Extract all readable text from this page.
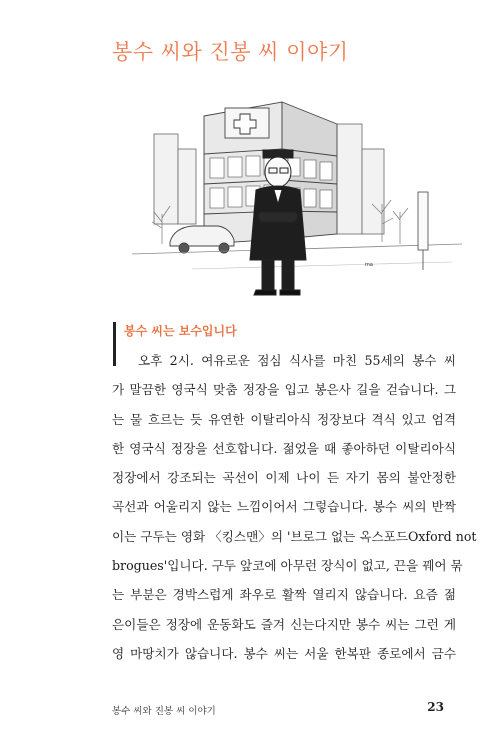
봉수 씨와 진봉 씨 이야기
ma
봉수 씨는 보수입니다
오후 2시. 여유로운 점심 식사를 마친 55세의 봉수 씨
가 말끔한 영국식 맞춤 정장을 입고 봉은사 길을 걷습니다. 그
는 물 흐르는 듯 유연한 이탈리아식 정장보다 격식 있고 엄격
한 영국식 정장을 선호합니다. 젊었을 때 좋아하던 이탈리아식
정장에서 강조되는 곡선이 이제 나이 든 자기 몸의 불안정한
곡선과 어울리지 않는 느낌이어서 그렇습니다. 봉수 씨의 반짝
이는 구두는 영화 〈킹스맨〉의 '브로그 없는 옥스포드Oxford not
brogues'입니다. 구두 앞코에 아무런 장식이 없고, 끈을 꿰어 묶
는 부분은 경박스럽게 좌우로 활짝 열리지 않습니다. 요즘 젊
은이들은 정장에 운동화도 즐겨 신는다지만 봉수 씨는 그런 게
영 마땅치가 않습니다. 봉수 씨는 서울 한복판 종로에서 금수
봉수 씨와 진봉 씨 이야기	23
